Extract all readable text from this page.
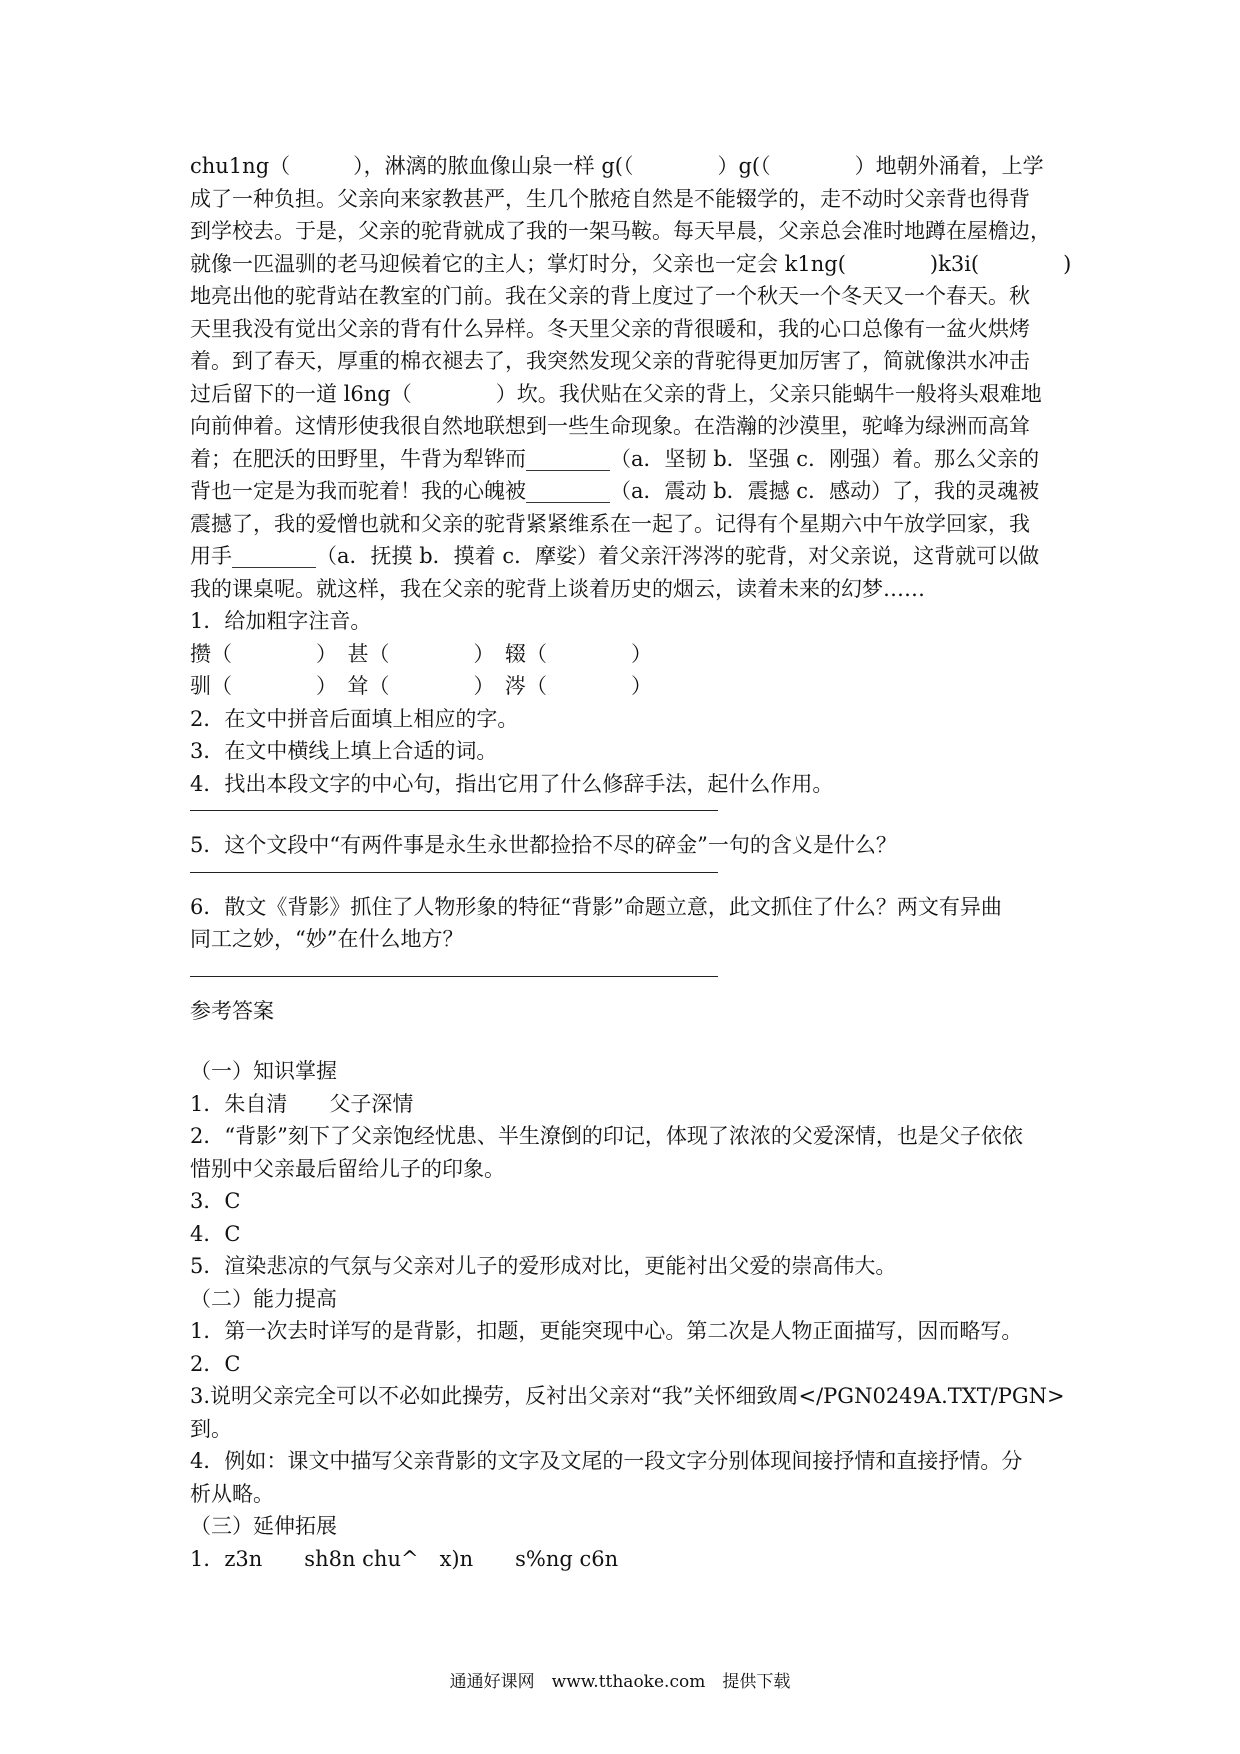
chu1ng（　　　），淋漓的脓血像山泉一样 g(（　　　　）g(（　　　　）地朝外涌着，上学
成了一种负担。父亲向来家教甚严，生几个脓疮自然是不能辍学的，走不动时父亲背也得背
到学校去。于是，父亲的驼背就成了我的一架马鞍。每天早晨，父亲总会准时地蹲在屋檐边，
就像一匹温驯的老马迎候着它的主人；掌灯时分，父亲也一定会 k1ng(　　　　)k3i(　　　　)
地亮出他的驼背站在教室的门前。我在父亲的背上度过了一个秋天一个冬天又一个春天。秋
天里我没有觉出父亲的背有什么异样。冬天里父亲的背很暖和，我的心口总像有一盆火烘烤
着。到了春天，厚重的棉衣褪去了，我突然发现父亲的背驼得更加厉害了，简就像洪水冲击
过后留下的一道 l6ng（　　　　）坎。我伏贴在父亲的背上，父亲只能蜗牛一般将头艰难地
向前伸着。这情形使我很自然地联想到一些生命现象。在浩瀚的沙漠里，驼峰为绿洲而高耸
着；在肥沃的田野里，牛背为犁铧而________（a．坚韧 b．坚强 c．刚强）着。那么父亲的
背也一定是为我而驼着！我的心魄被________（a．震动 b．震撼 c．感动）了，我的灵魂被
震撼了，我的爱憎也就和父亲的驼背紧紧维系在一起了。记得有个星期六中午放学回家，我
用手________（a．抚摸 b．摸着 c．摩娑）着父亲汗涔涔的驼背，对父亲说，这背就可以做
我的课桌呢。就这样，我在父亲的驼背上谈着历史的烟云，读着未来的幻梦……
1．给加粗字注音。
攒（　　　　）　甚（　　　　）　辍（　　　　）
驯（　　　　）　耸（　　　　）　涔（　　　　）
2．在文中拼音后面填上相应的字。
3．在文中横线上填上合适的词。
4．找出本段文字的中心句，指出它用了什么修辞手法，起什么作用。
5．这个文段中“有两件事是永生永世都捡拾不尽的碎金”一句的含义是什么？
6．散文《背影》抓住了人物形象的特征“背影”命题立意，此文抓住了什么？两文有异曲
同工之妙，“妙”在什么地方？
参考答案
（一）知识掌握
1．朱自清　　父子深情
2．“背影”刻下了父亲饱经忧患、半生潦倒的印记，体现了浓浓的父爱深情，也是父子依依
惜别中父亲最后留给儿子的印象。
3．C
4．C
5．渲染悲凉的气氛与父亲对儿子的爱形成对比，更能衬出父爱的崇高伟大。
（二）能力提高
1．第一次去时详写的是背影，扣题，更能突现中心。第二次是人物正面描写，因而略写。
2．C
3.说明父亲完全可以不必如此操劳，反衬出父亲对“我”关怀细致周</PGN0249A.TXT/PGN>
到。
4．例如：课文中描写父亲背影的文字及文尾的一段文字分别体现间接抒情和直接抒情。分
析从略。
（三）延伸拓展
1．z3n　　sh8n chu^　x)n　　s%ng c6n
通通好课网　www.tthaoke.com　提供下载
